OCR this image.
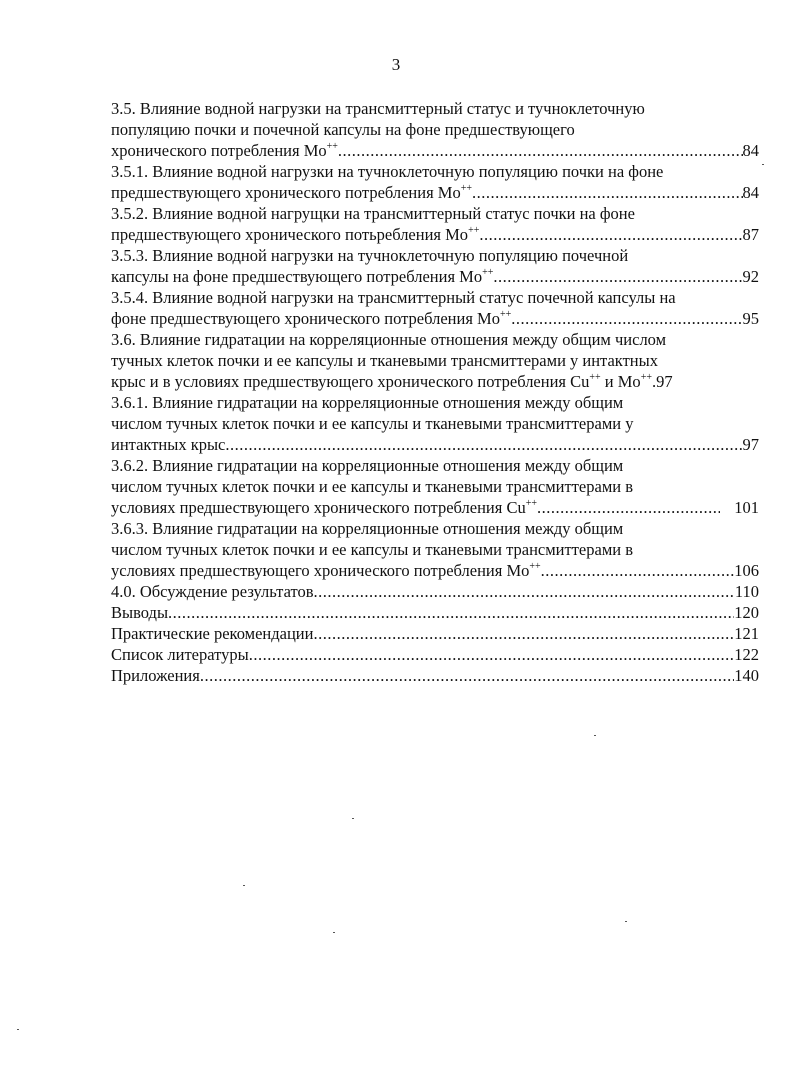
3
3.5. Влияние водной нагрузки на трансмиттерный статус и тучноклеточную
популяцию почки и почечной капсулы на фоне предшествующего
хронического потребления Mo++ .....	84
3.5.1. Влияние водной нагрузки на тучноклеточную популяцию почки на фоне
предшествующего хронического потребления Mo++ .....	84
3.5.2. Влияние водной нагрущки на трансмиттерный статус почки на фоне
предшествующего хронического потьребления Mo++ .....	87
3.5.3. Влияние водной нагрузки на тучноклеточную популяцию почечной
капсулы на фоне предшествующего потребления Mo++ .....	92
3.5.4. Влияние водной нагрузки на трансмиттерный статус почечной капсулы на
фоне предшествующего хронического потребления Mo++ .....	95
3.6. Влияние гидратации на корреляционные отношения между общим числом
тучных клеток почки и ее капсулы и тканевыми трансмиттерами у интактных
крыс и в условиях предшествующего хронического потребления Cu++ и Mo++.97
3.6.1. Влияние гидратации на корреляционные отношения между общим
числом тучных клеток почки и ее капсулы и тканевыми трансмиттерами у
интактных крыс .....	97
3.6.2. Влияние гидратации на корреляционные отношения между общим
числом тучных клеток почки и ее капсулы и тканевыми трансмиттерами в
условиях предшествующего хронического потребления Cu++ .....	101
3.6.3. Влияние гидратации на корреляционные отношения между общим
числом тучных клеток почки и ее капсулы и тканевыми трансмиттерами в
условиях предшествующего хронического потребления Mo++ .....	106
4.0. Обсуждение результатов .....	110
Выводы .....	120
Практические рекомендации .....	121
Список литературы .....	122
Приложения .....	140
